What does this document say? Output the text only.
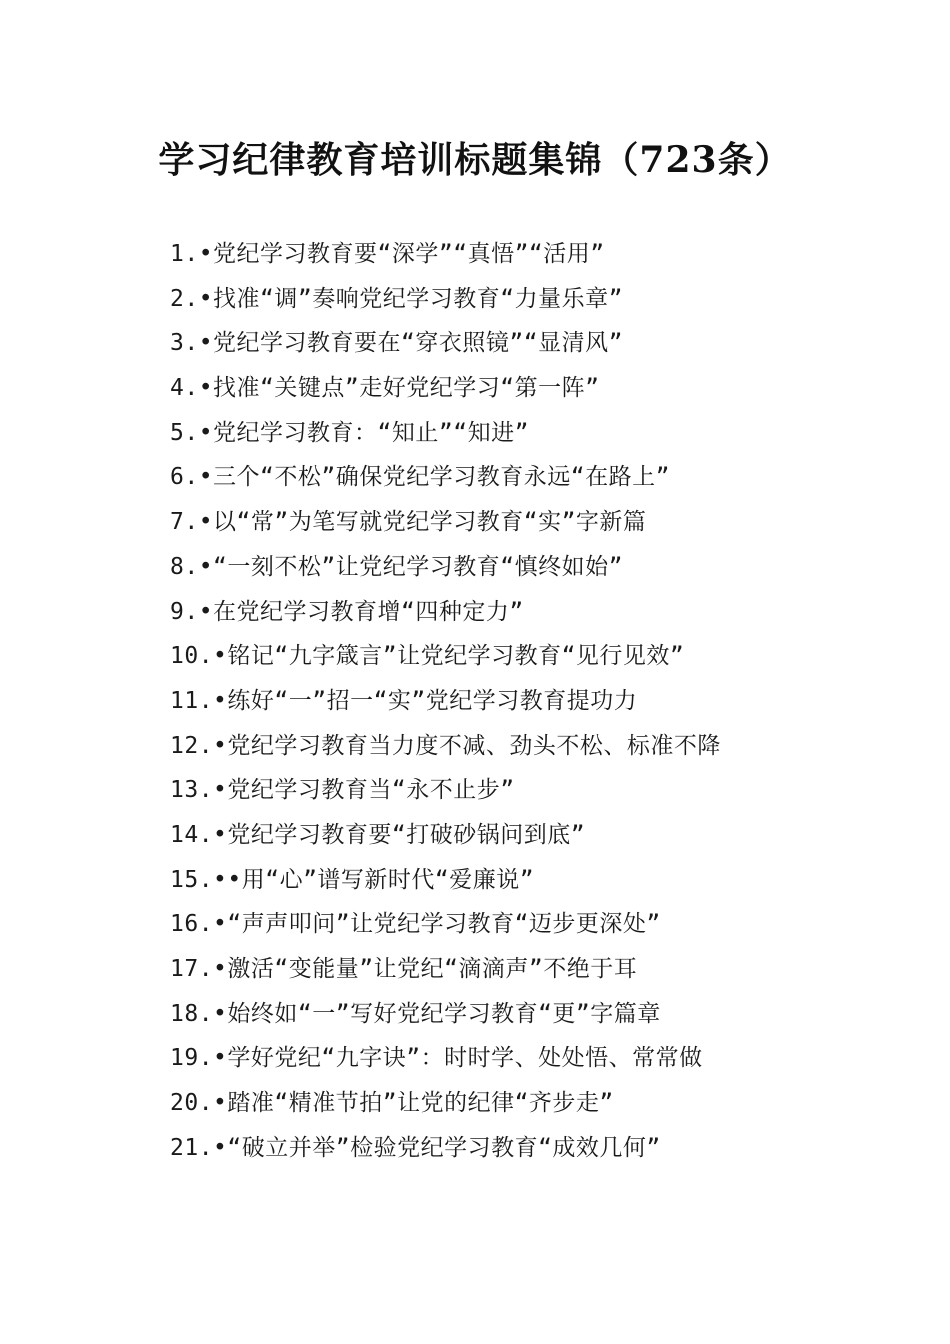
学习纪律教育培训标题集锦（723条）
1.•党纪学习教育要“深学”“真悟”“活用”
2.•找准“调”奏响党纪学习教育“力量乐章”
3.•党纪学习教育要在“穿衣照镜”“显清风”
4.•找准“关键点”走好党纪学习“第一阵”
5.•党纪学习教育：“知止”“知进”
6.•三个“不松”确保党纪学习教育永远“在路上”
7.•以“常”为笔写就党纪学习教育“实”字新篇
8.•“一刻不松”让党纪学习教育“慎终如始”
9.•在党纪学习教育增“四种定力”
10.•铭记“九字箴言”让党纪学习教育“见行见效”
11.•练好“一”招一“实”党纪学习教育提功力
12.•党纪学习教育当力度不减、劲头不松、标准不降
13.•党纪学习教育当“永不止步”
14.•党纪学习教育要“打破砂锅问到底”
15.••用“心”谱写新时代“爱廉说”
16.•“声声叩问”让党纪学习教育“迈步更深处”
17.•激活“变能量”让党纪“滴滴声”不绝于耳
18.•始终如“一”写好党纪学习教育“更”字篇章
19.•学好党纪“九字诀”：时时学、处处悟、常常做
20.•踏准“精准节拍”让党的纪律“齐步走”
21.•“破立并举”检验党纪学习教育“成效几何”
